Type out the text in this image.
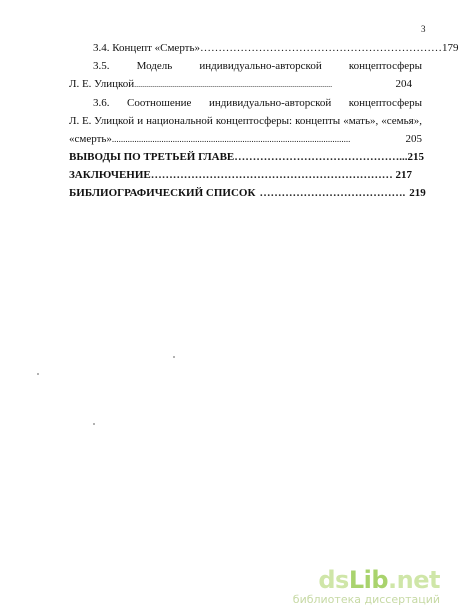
3
3.4. Концепт «Смерть» ………………………………………………………… 179
3.5. Модель индивидуально-авторской концептосферы
Л. Е. Улицкой ...................................................................................................	204
3.6. Соотношение индивидуально-авторской концептосферы
Л. Е. Улицкой и национальной концептосферы: концепты «мать», «семья»,
«смерть» ..........................................................................................................	205
ВЫВОДЫ ПО ТРЕТЬЕЙ ГЛАВЕ ………………………………………... 215
ЗАКЛЮЧЕНИЕ ………………………………………………………… 217
БИБЛИОГРАФИЧЕСКИЙ СПИСОК …………………………………. 219
dsLib.net
библиотека диссертаций
